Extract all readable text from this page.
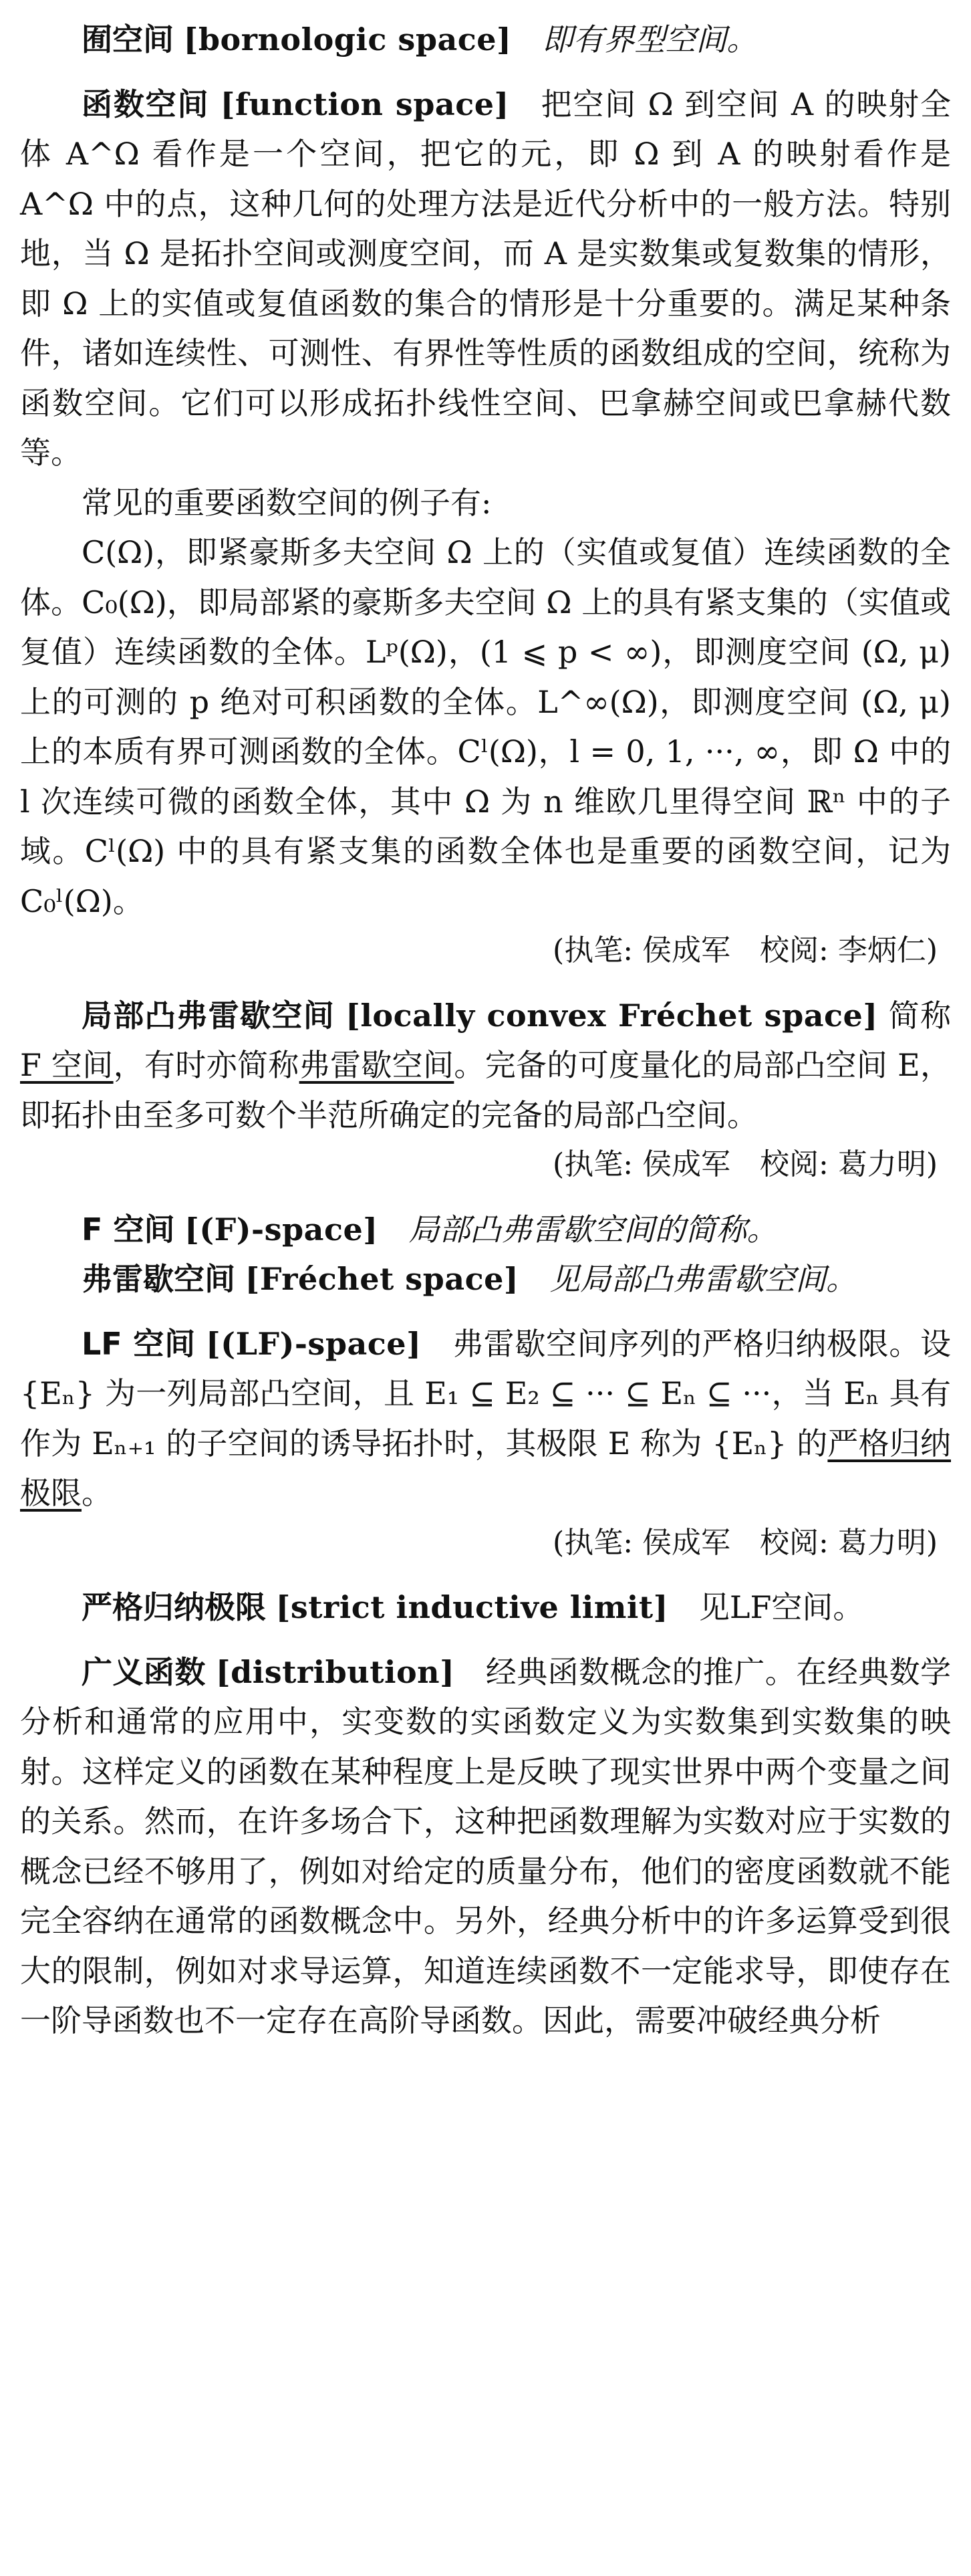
囿空间 [bornologic space] 即有界型空间。

函数空间 [function space] 把空间 Ω 到空间 A 的映射全体 A^Ω 看作是一个空间，把它的元，即 Ω 到 A 的映射看作是 A^Ω 中的点，这种几何的处理方法是近代分析中的一般方法。特别地，当 Ω 是拓扑空间或测度空间，而 A 是实数集或复数集的情形，即 Ω 上的实值或复值函数的集合的情形是十分重要的。满足某种条件，诸如连续性、可测性、有界性等性质的函数组成的空间，统称为函数空间。它们可以形成拓扑线性空间、巴拿赫空间或巴拿赫代数等。

常见的重要函数空间的例子有:

C(Ω)，即紧豪斯多夫空间 Ω 上的（实值或复值）连续函数的全体。C₀(Ω)，即局部紧的豪斯多夫空间 Ω 上的具有紧支集的（实值或复值）连续函数的全体。Lᵖ(Ω)，(1 ⩽ p < ∞)，即测度空间 (Ω, μ) 上的可测的 p 绝对可积函数的全体。L^∞(Ω)，即测度空间 (Ω, μ) 上的本质有界可测函数的全体。Cˡ(Ω)，l = 0, 1, ···, ∞，即 Ω 中的 l 次连续可微的函数全体，其中 Ω 为 n 维欧几里得空间 ℝⁿ 中的子域。Cˡ(Ω) 中的具有紧支集的函数全体也是重要的函数空间，记为 C₀ˡ(Ω)。

(执笔: 侯成军　校阅: 李炳仁)

局部凸弗雷歇空间 [locally convex Fréchet space] 简称F 空间，有时亦简称弗雷歇空间。完备的可度量化的局部凸空间 E，即拓扑由至多可数个半范所确定的完备的局部凸空间。

(执笔: 侯成军　校阅: 葛力明)

F 空间 [(F)-space] 局部凸弗雷歇空间的简称。

弗雷歇空间 [Fréchet space] 见局部凸弗雷歇空间。

LF 空间 [(LF)-space] 弗雷歇空间序列的严格归纳极限。设 {Eₙ} 为一列局部凸空间，且 E₁ ⊆ E₂ ⊆ ··· ⊆ Eₙ ⊆ ···，当 Eₙ 具有作为 Eₙ₊₁ 的子空间的诱导拓扑时，其极限 E 称为 {Eₙ} 的严格归纳极限。

(执笔: 侯成军　校阅: 葛力明)

严格归纳极限 [strict inductive limit] 见LF空间。

广义函数 [distribution] 经典函数概念的推广。在经典数学分析和通常的应用中，实变数的实函数定义为实数集到实数集的映射。这样定义的函数在某种程度上是反映了现实世界中两个变量之间的关系。然而，在许多场合下，这种把函数理解为实数对应于实数的概念已经不够用了，例如对给定的质量分布，他们的密度函数就不能完全容纳在通常的函数概念中。另外，经典分析中的许多运算受到很大的限制，例如对求导运算，知道连续函数不一定能求导，即使存在一阶导函数也不一定存在高阶导函数。因此，需要冲破经典分析
